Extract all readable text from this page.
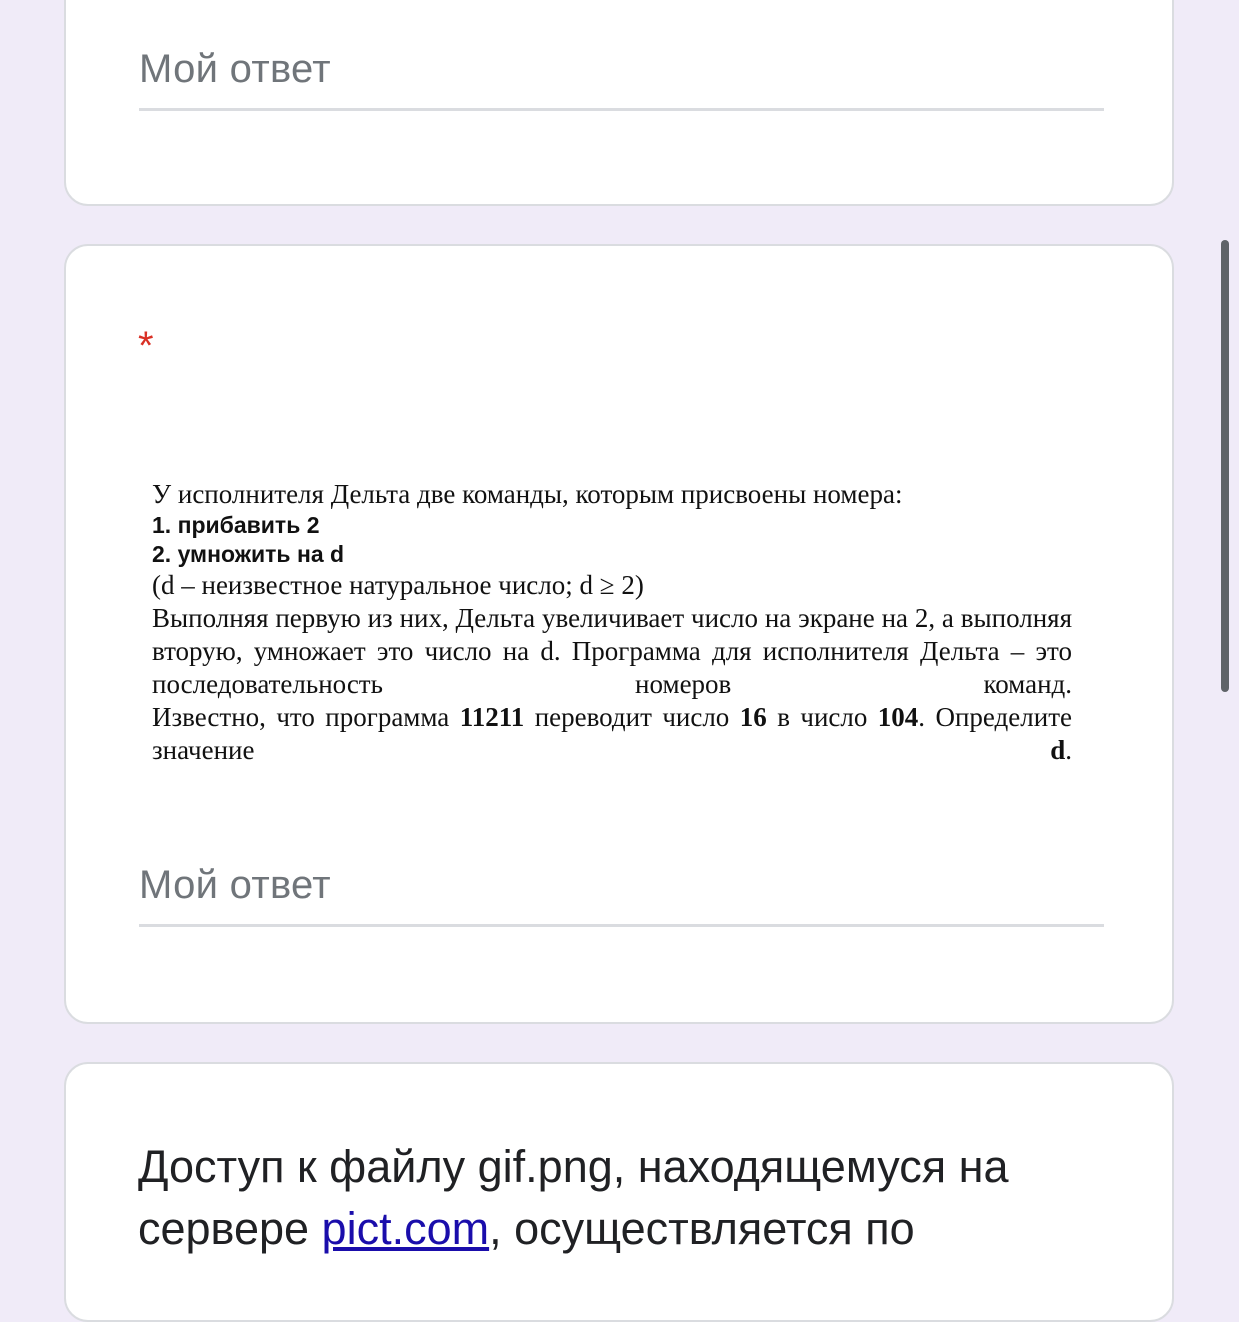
Мой ответ
*
У исполнителя Дельта две команды, которым присвоены номера:
1. прибавить 2
2. умножить на d
(d – неизвестное натуральное число; d ≥ 2)
Выполняя первую из них, Дельта увеличивает число на экране на 2, а выполняя вторую, умножает это число на d. Программа для исполнителя Дельта – это последовательность номеров команд.
Известно, что программа 11211 переводит число 16 в число 104. Определите значение d.
Мой ответ
Доступ к файлу gif.png, находящемуся на сервере pict.com, осуществляется по
